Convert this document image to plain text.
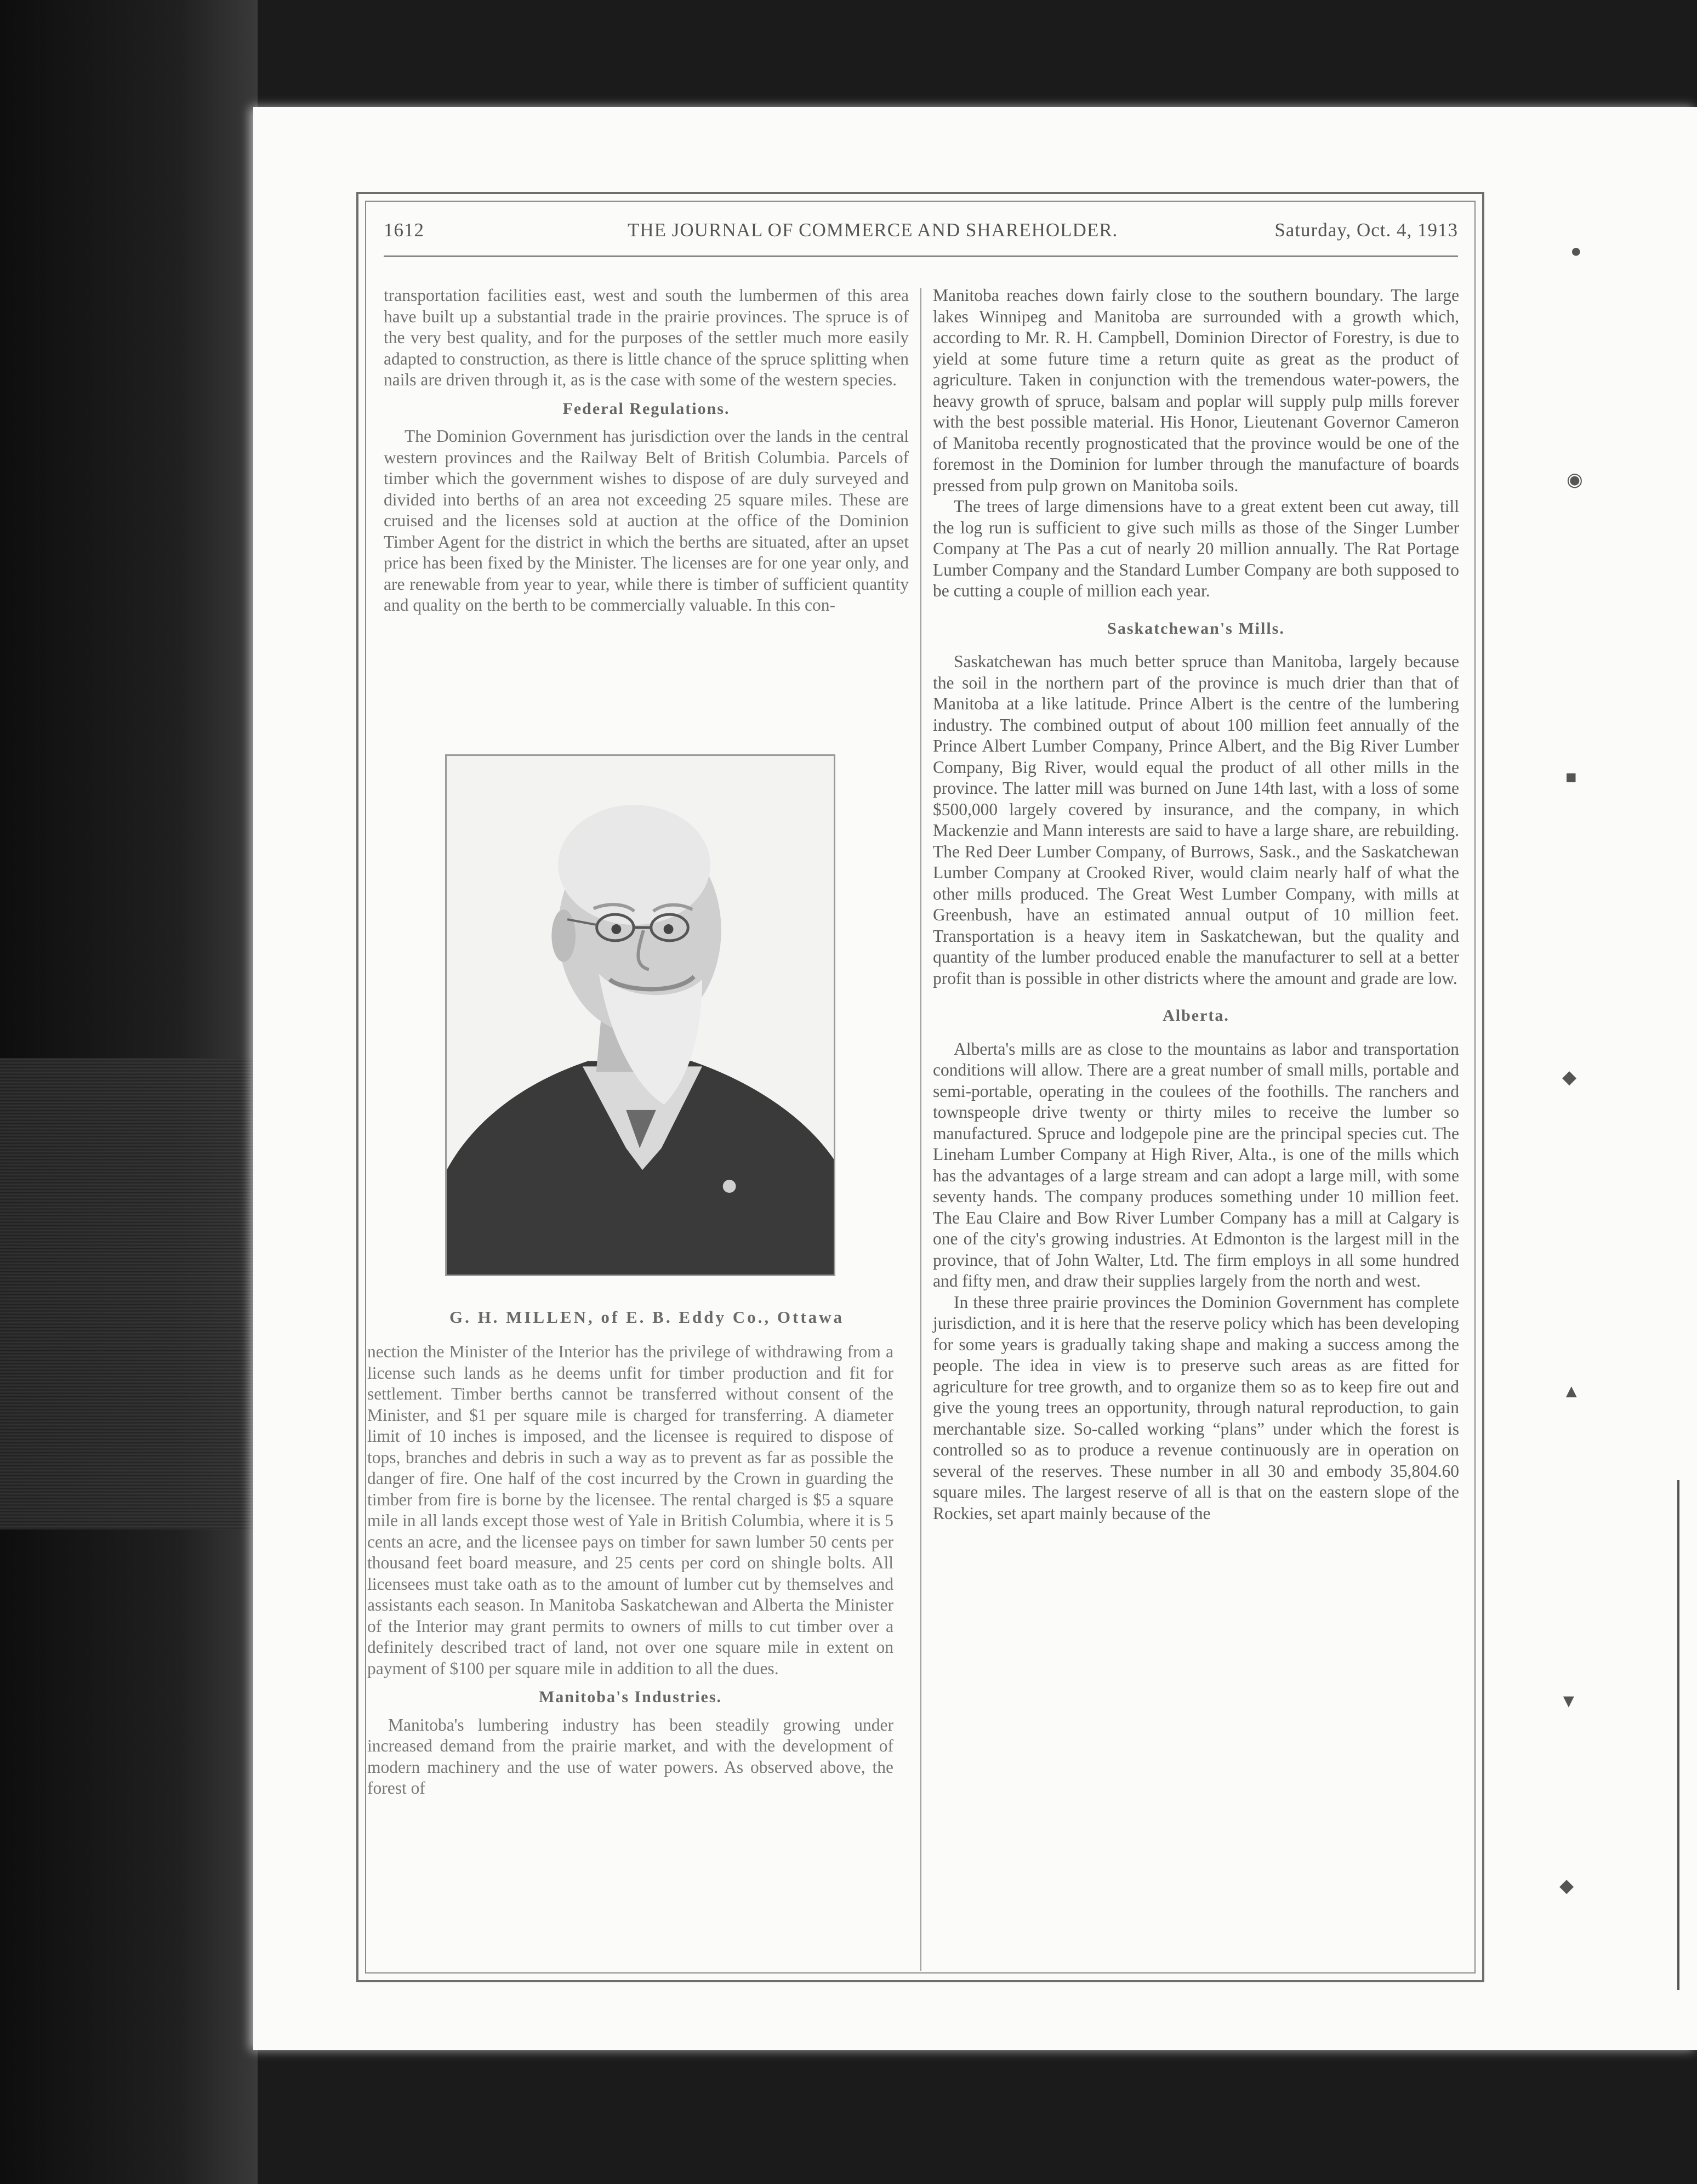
1612	THE JOURNAL OF COMMERCE AND SHAREHOLDER.	Saturday, Oct. 4, 1913

transportation facilities east, west and south the lumbermen of this area have built up a substantial trade in the prairie provinces. The spruce is of the very best quality, and for the purposes of the settler much more easily adapted to construction, as there is little chance of the spruce splitting when nails are driven through it, as is the case with some of the western species.

Federal Regulations.

The Dominion Government has jurisdiction over the lands in the central western provinces and the Railway Belt of British Columbia. Parcels of timber which the government wishes to dispose of are duly surveyed and divided into berths of an area not exceeding 25 square miles. These are cruised and the licenses sold at auction at the office of the Dominion Timber Agent for the district in which the berths are situated, after an upset price has been fixed by the Minister. The licenses are for one year only, and are renewable from year to year, while there is timber of sufficient quantity and quality on the berth to be commercially valuable. In this con-

G. H. MILLEN, of E. B. Eddy Co., Ottawa

nection the Minister of the Interior has the privilege of withdrawing from a license such lands as he deems unfit for timber production and fit for settlement. Timber berths cannot be transferred without consent of the Minister, and $1 per square mile is charged for transferring. A diameter limit of 10 inches is imposed, and the licensee is required to dispose of tops, branches and debris in such a way as to prevent as far as possible the danger of fire. One half of the cost incurred by the Crown in guarding the timber from fire is borne by the licensee. The rental charged is $5 a square mile in all lands except those west of Yale in British Columbia, where it is 5 cents an acre, and the licensee pays on timber for sawn lumber 50 cents per thousand feet board measure, and 25 cents per cord on shingle bolts. All licensees must take oath as to the amount of lumber cut by themselves and assistants each season. In Manitoba Saskatchewan and Alberta the Minister of the Interior may grant permits to owners of mills to cut timber over a definitely described tract of land, not over one square mile in extent on payment of $100 per square mile in addition to all the dues.

Manitoba's Industries.

Manitoba's lumbering industry has been steadily growing under increased demand from the prairie market, and with the development of modern machinery and the use of water powers. As observed above, the forest of

Manitoba reaches down fairly close to the southern boundary. The large lakes Winnipeg and Manitoba are surrounded with a growth which, according to Mr. R. H. Campbell, Dominion Director of Forestry, is due to yield at some future time a return quite as great as the product of agriculture. Taken in conjunction with the tremendous water-powers, the heavy growth of spruce, balsam and poplar will supply pulp mills forever with the best possible material. His Honor, Lieutenant Governor Cameron of Manitoba recently prognosticated that the province would be one of the foremost in the Dominion for lumber through the manufacture of boards pressed from pulp grown on Manitoba soils.

The trees of large dimensions have to a great extent been cut away, till the log run is sufficient to give such mills as those of the Singer Lumber Company at The Pas a cut of nearly 20 million annually. The Rat Portage Lumber Company and the Standard Lumber Company are both supposed to be cutting a couple of million each year.

Saskatchewan's Mills.

Saskatchewan has much better spruce than Manitoba, largely because the soil in the northern part of the province is much drier than that of Manitoba at a like latitude. Prince Albert is the centre of the lumbering industry. The combined output of about 100 million feet annually of the Prince Albert Lumber Company, Prince Albert, and the Big River Lumber Company, Big River, would equal the product of all other mills in the province. The latter mill was burned on June 14th last, with a loss of some $500,000 largely covered by insurance, and the company, in which Mackenzie and Mann interests are said to have a large share, are rebuilding. The Red Deer Lumber Company, of Burrows, Sask., and the Saskatchewan Lumber Company at Crooked River, would claim nearly half of what the other mills produced. The Great West Lumber Company, with mills at Greenbush, have an estimated annual output of 10 million feet. Transportation is a heavy item in Saskatchewan, but the quality and quantity of the lumber produced enable the manufacturer to sell at a better profit than is possible in other districts where the amount and grade are low.

Alberta.

Alberta's mills are as close to the mountains as labor and transportation conditions will allow. There are a great number of small mills, portable and semi-portable, operating in the coulees of the foothills. The ranchers and townspeople drive twenty or thirty miles to receive the lumber so manufactured. Spruce and lodgepole pine are the principal species cut. The Lineham Lumber Company at High River, Alta., is one of the mills which has the advantages of a large stream and can adopt a large mill, with some seventy hands. The company produces something under 10 million feet. The Eau Claire and Bow River Lumber Company has a mill at Calgary is one of the city's growing industries. At Edmonton is the largest mill in the province, that of John Walter, Ltd. The firm employs in all some hundred and fifty men, and draw their supplies largely from the north and west.

In these three prairie provinces the Dominion Government has complete jurisdiction, and it is here that the reserve policy which has been developing for some years is gradually taking shape and making a success among the people. The idea in view is to preserve such areas as are fitted for agriculture for tree growth, and to organize them so as to keep fire out and give the young trees an opportunity, through natural reproduction, to gain merchantable size. So-called working “plans” under which the forest is controlled so as to produce a revenue continuously are in operation on several of the reserves. These number in all 30 and embody 35,804.60 square miles. The largest reserve of all is that on the eastern slope of the Rockies, set apart mainly because of the

●
◉
■
◆
▲
▼
◆
